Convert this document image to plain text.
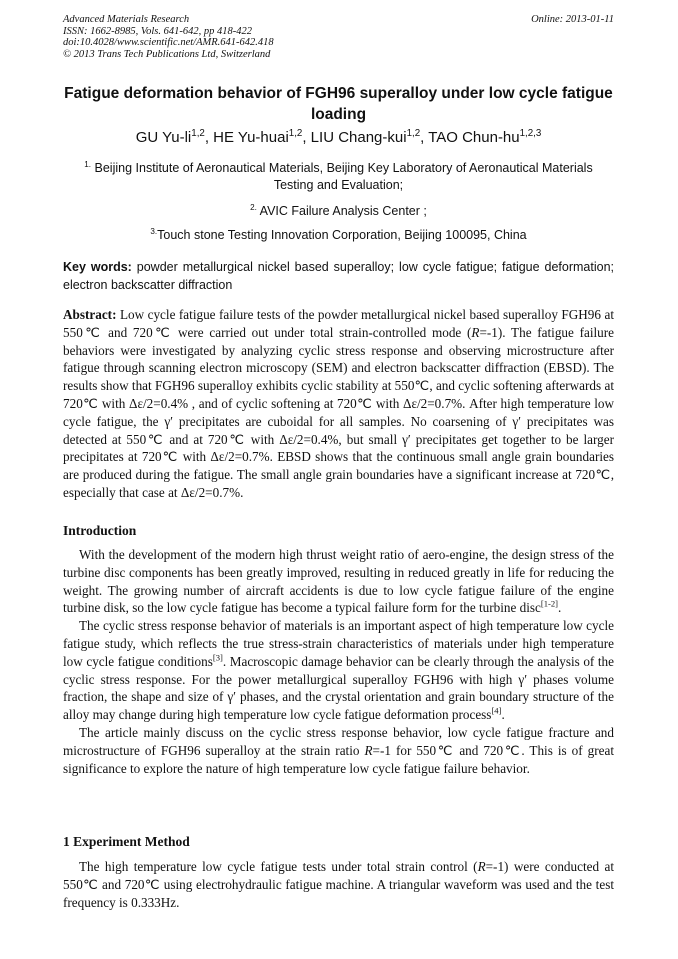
Advanced Materials Research
ISSN: 1662-8985, Vols. 641-642, pp 418-422
doi:10.4028/www.scientific.net/AMR.641-642.418
© 2013 Trans Tech Publications Ltd, Switzerland
Online: 2013-01-11
Fatigue deformation behavior of FGH96 superalloy under low cycle fatigue loading
GU Yu-li$^{1,2}$, HE Yu-huai$^{1,2}$, LIU Chang-kui$^{1,2}$, TAO Chun-hu$^{1,2,3}$
$^{1.}$ Beijing Institute of Aeronautical Materials, Beijing Key Laboratory of Aeronautical Materials Testing and Evaluation;
$^{2.}$ AVIC Failure Analysis Center ;
$^{3.}$Touch stone Testing Innovation Corporation, Beijing 100095, China
Key words: powder metallurgical nickel based superalloy; low cycle fatigue; fatigue deformation; electron backscatter diffraction

Abstract: Low cycle fatigue failure tests of the powder metallurgical nickel based superalloy FGH96 at 550℃ and 720℃ were carried out under total strain-controlled mode (R=-1). The fatigue failure behaviors were investigated by analyzing cyclic stress response and observing microstructure after fatigue through scanning electron microscopy (SEM) and electron backscatter diffraction (EBSD). The results show that FGH96 superalloy exhibits cyclic stability at 550℃, and cyclic softening afterwards at 720℃ with Δε/2=0.4% , and of cyclic softening at 720℃ with Δε/2=0.7%. After high temperature low cycle fatigue, the γ′ precipitates are cuboidal for all samples. No coarsening of γ′ precipitates was detected at 550℃ and at 720℃ with Δε/2=0.4%, but small γ′ precipitates get together to be larger precipitates at 720℃ with Δε/2=0.7%. EBSD shows that the continuous small angle grain boundaries are produced during the fatigue. The small angle grain boundaries have a significant increase at 720℃, especially that case at Δε/2=0.7%.

Introduction

With the development of the modern high thrust weight ratio of aero-engine, the design stress of the turbine disc components has been greatly improved, resulting in reduced greatly in life for reducing the weight. The growing number of aircraft accidents is due to low cycle fatigue failure of the engine turbine disk, so the low cycle fatigue has become a typical failure form for the turbine disc[1-2].

The cyclic stress response behavior of materials is an important aspect of high temperature low cycle fatigue study, which reflects the true stress-strain characteristics of materials under high temperature low cycle fatigue conditions[3]. Macroscopic damage behavior can be clearly through the analysis of the cyclic stress response. For the power metallurgical superalloy FGH96 with high γ′ phases volume fraction, the shape and size of γ′ phases, and the crystal orientation and grain boundary structure of the alloy may change during high temperature low cycle fatigue deformation process[4].

The article mainly discuss on the cyclic stress response behavior, low cycle fatigue fracture and microstructure of FGH96 superalloy at the strain ratio R=-1 for 550℃ and 720℃. This is of great significance to explore the nature of high temperature low cycle fatigue failure behavior.

1 Experiment Method

The high temperature low cycle fatigue tests under total strain control (R=-1) were conducted at 550℃ and 720℃ using electrohydraulic fatigue machine. A triangular waveform was used and the test frequency is 0.333Hz.
